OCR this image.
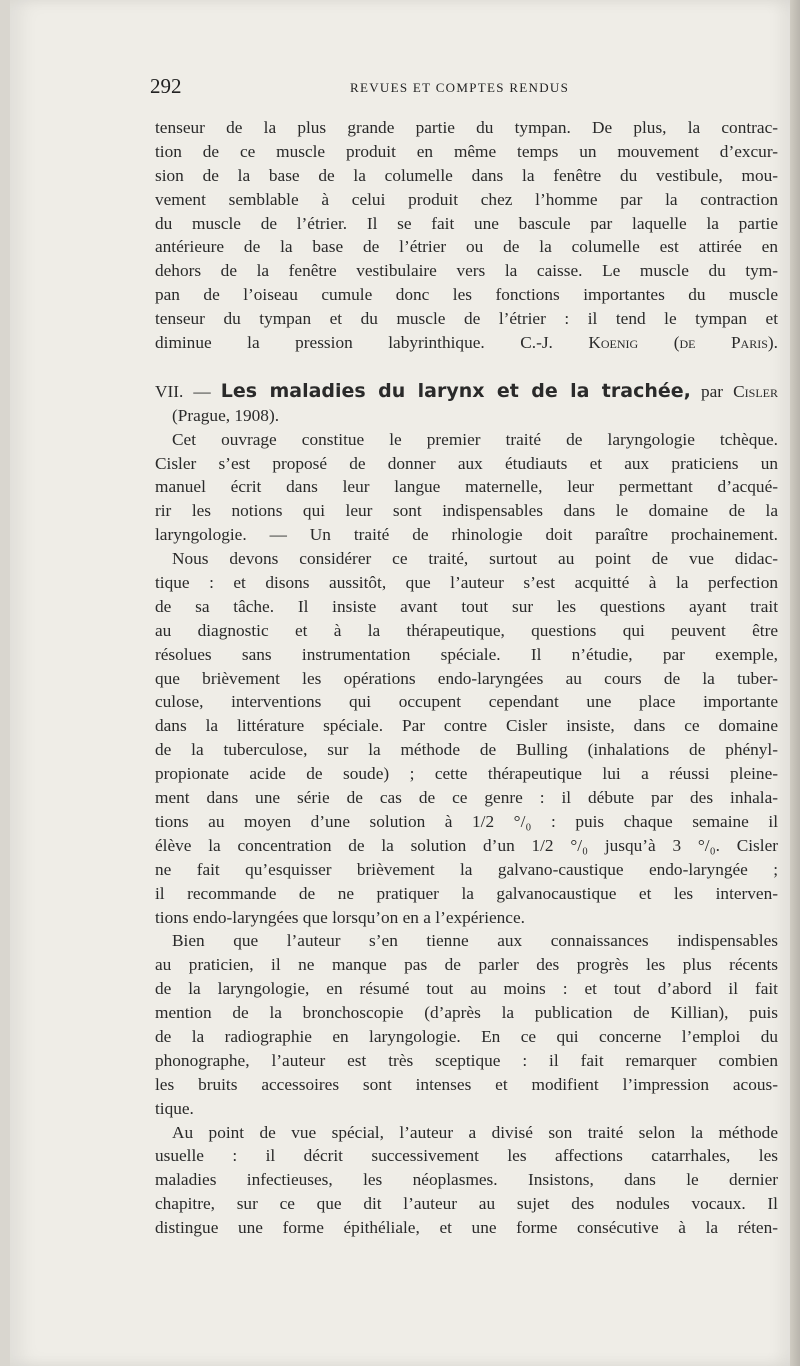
292	REVUES ET COMPTES RENDUS
tenseur de la plus grande partie du tympan. De plus, la contrac-
tion de ce muscle produit en même temps un mouvement d’excur-
sion de la base de la columelle dans la fenêtre du vestibule, mou-
vement semblable à celui produit chez l’homme par la contraction
du muscle de l’étrier. Il se fait une bascule par laquelle la partie
antérieure de la base de l’étrier ou de la columelle est attirée en
dehors de la fenêtre vestibulaire vers la caisse. Le muscle du tym-
pan de l’oiseau cumule donc les fonctions importantes du muscle
tenseur du tympan et du muscle de l’étrier : il tend le tympan et
diminue la pression labyrinthique. C.-J. Koenig (de Paris).
VII. — Les maladies du larynx et de la trachée, par Cisler
(Prague, 1908).
Cet ouvrage constitue le premier traité de laryngologie tchèque.
Cisler s’est proposé de donner aux étudiauts et aux praticiens un
manuel écrit dans leur langue maternelle, leur permettant d’acqué-
rir les notions qui leur sont indispensables dans le domaine de la
laryngologie. — Un traité de rhinologie doit paraître prochainement.
Nous devons considérer ce traité, surtout au point de vue didac-
tique : et disons aussitôt, que l’auteur s’est acquitté à la perfection
de sa tâche. Il insiste avant tout sur les questions ayant trait
au diagnostic et à la thérapeutique, questions qui peuvent être
résolues sans instrumentation spéciale. Il n’étudie, par exemple,
que brièvement les opérations endo-laryngées au cours de la tuber-
culose, interventions qui occupent cependant une place importante
dans la littérature spéciale. Par contre Cisler insiste, dans ce domaine
de la tuberculose, sur la méthode de Bulling (inhalations de phényl-
propionate acide de soude) ; cette thérapeutique lui a réussi pleine-
ment dans une série de cas de ce genre : il débute par des inhala-
tions au moyen d’une solution à 1/2 °/₀ : puis chaque semaine il
élève la concentration de la solution d’un 1/2 °/₀ jusqu’à 3 °/₀. Cisler
ne fait qu’esquisser brièvement la galvano-caustique endo-laryngée ;
il recommande de ne pratiquer la galvanocaustique et les interven-
tions endo-laryngées que lorsqu’on en a l’expérience.
Bien que l’auteur s’en tienne aux connaissances indispensables
au praticien, il ne manque pas de parler des progrès les plus récents
de la laryngologie, en résumé tout au moins : et tout d’abord il fait
mention de la bronchoscopie (d’après la publication de Killian), puis
de la radiographie en laryngologie. En ce qui concerne l’emploi du
phonographe, l’auteur est très sceptique : il fait remarquer combien
les bruits accessoires sont intenses et modifient l’impression acous-
tique.
Au point de vue spécial, l’auteur a divisé son traité selon la méthode
usuelle : il décrit successivement les affections catarrhales, les
maladies infectieuses, les néoplasmes. Insistons, dans le dernier
chapitre, sur ce que dit l’auteur au sujet des nodules vocaux. Il
distingue une forme épithéliale, et une forme consécutive à la réten-
